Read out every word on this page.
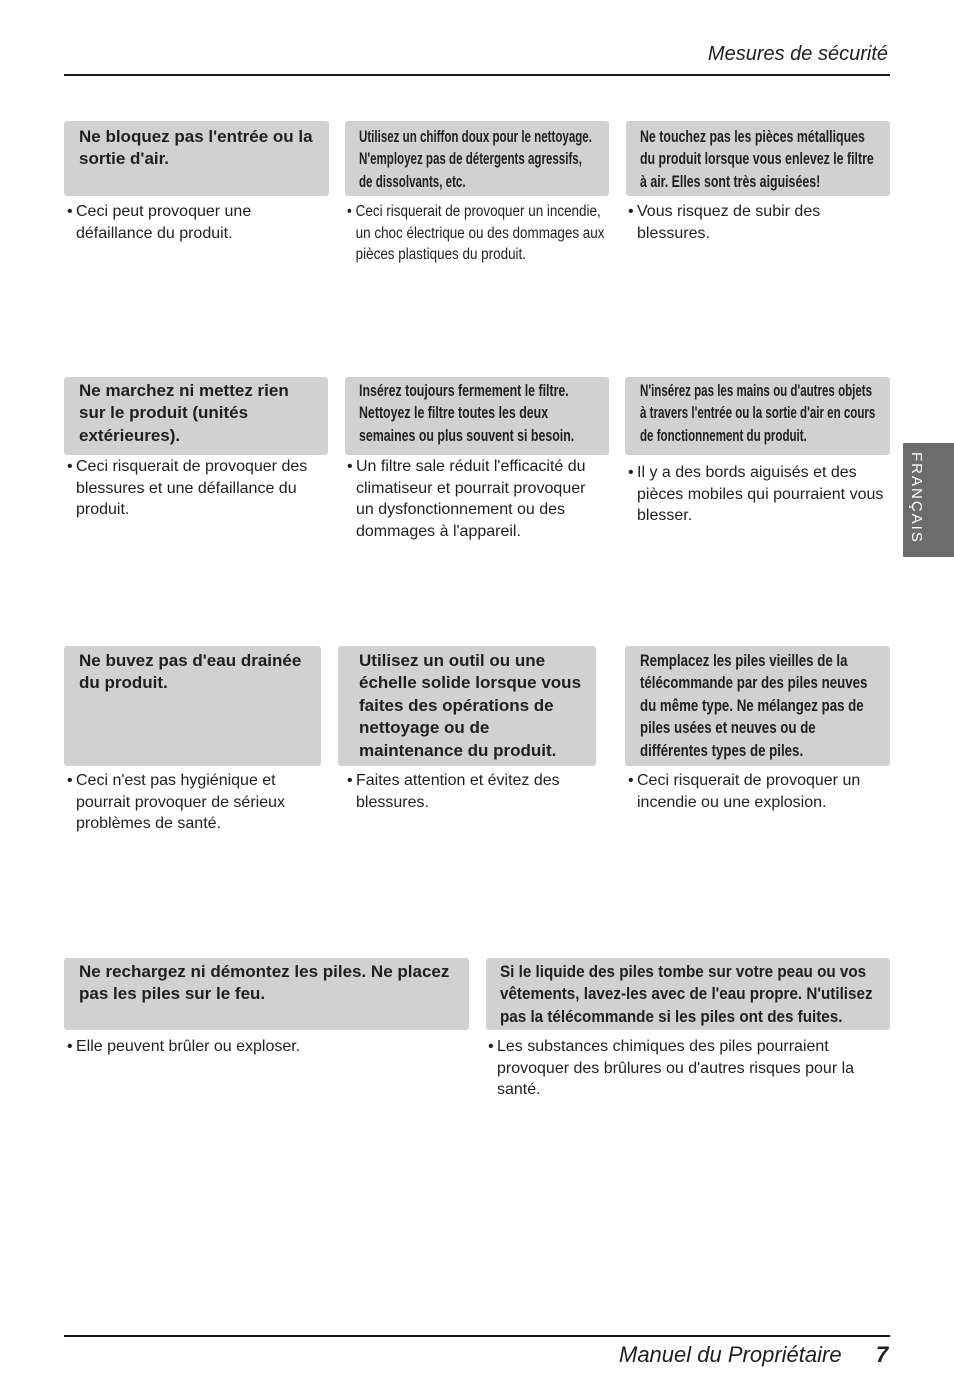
Mesures de sécurité
FRANÇAIS
Ne bloquez pas l'entrée ou la
sortie d'air.
• Ceci peut provoquer une
défaillance du produit.
Utilisez un chiffon doux pour le nettoyage.
N'employez pas de détergents agressifs,
de dissolvants, etc.
• Ceci risquerait de provoquer un incendie,
un choc électrique ou des dommages aux
pièces plastiques du produit.
Ne touchez pas les pièces métalliques
du produit lorsque vous enlevez le filtre
à air. Elles sont très aiguisées!
• Vous risquez de subir des
blessures.
Ne marchez ni mettez rien
sur le produit (unités
extérieures).
• Ceci risquerait de provoquer des
blessures et une défaillance du
produit.
Insérez toujours fermement le filtre.
Nettoyez le filtre toutes les deux
semaines ou plus souvent si besoin.
• Un filtre sale réduit l'efficacité du
climatiseur et pourrait provoquer
un dysfonctionnement ou des
dommages à l'appareil.
N'insérez pas les mains ou d'autres objets
à travers l'entrée ou la sortie d'air en cours
de fonctionnement du produit.
• Il y a des bords aiguisés et des
pièces mobiles qui pourraient vous
blesser.
Ne buvez pas d'eau drainée
du produit.
• Ceci n'est pas hygiénique et
pourrait provoquer de sérieux
problèmes de santé.
Utilisez un outil ou une
échelle solide lorsque vous
faites des opérations de
nettoyage ou de
maintenance du produit.
• Faites attention et évitez des
blessures.
Remplacez les piles vieilles de la
télécommande par des piles neuves
du même type. Ne mélangez pas de
piles usées et neuves ou de
différentes types de piles.
• Ceci risquerait de provoquer un
incendie ou une explosion.
Ne rechargez ni démontez les piles. Ne placez
pas les piles sur le feu.
• Elle peuvent brûler ou exploser.
Si le liquide des piles tombe sur votre peau ou vos
vêtements, lavez-les avec de l'eau propre. N'utilisez
pas la télécommande si les piles ont des fuites.
• Les substances chimiques des piles pourraient
provoquer des brûlures ou d'autres risques pour la
santé.
Manuel du Propriétaire 7
